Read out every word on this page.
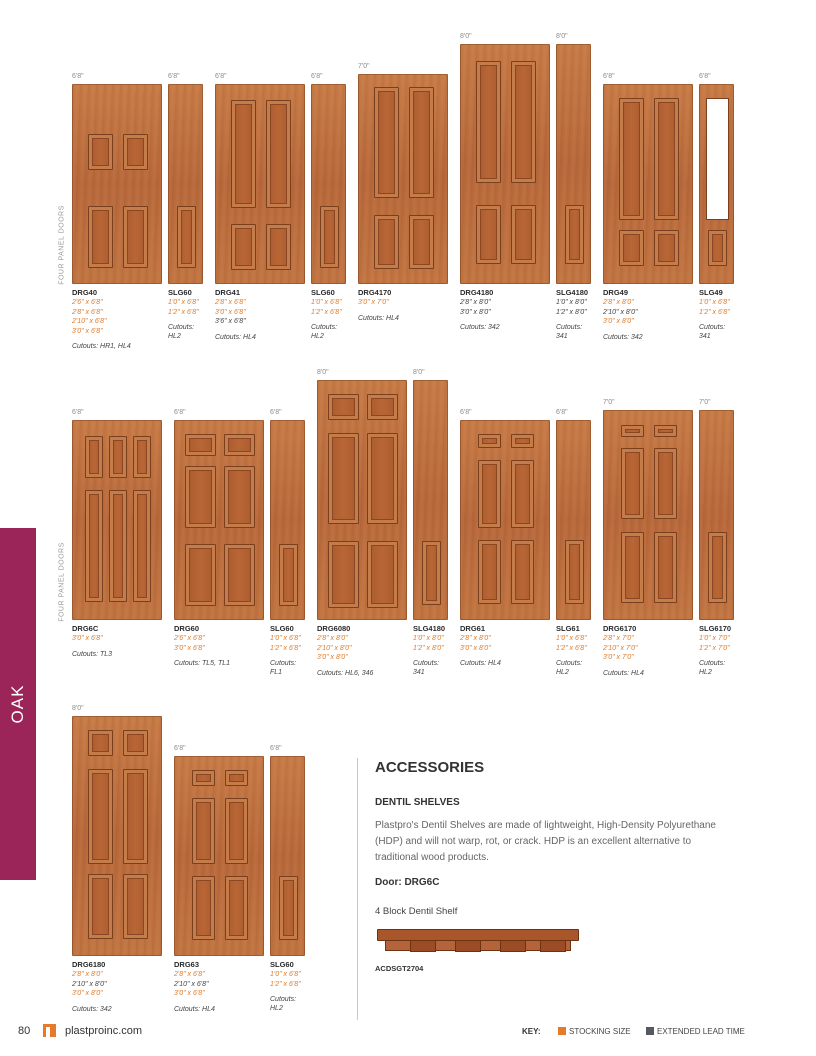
OAK
FOUR PANEL DOORS
FOUR PANEL DOORS
6'8"
DRG40
2'6" x 6'8"
2'8" x 6'8"
2'10" x 6'8"
3'0" x 6'8"
Cutouts: HR1, HL4
6'8"
SLG60
1'0" x 6'8"
1'2" x 6'8"
Cutouts:
HL2
6'8"
DRG41
2'8" x 6'8"
3'0" x 6'8"
3'6" x 6'8"
Cutouts: HL4
6'8"
SLG60
1'0" x 6'8"
1'2" x 6'8"
Cutouts:
HL2
7'0"
DRG4170
3'0" x 7'0"
Cutouts: HL4
8'0"
DRG4180
2'8" x 8'0"
3'0" x 8'0"
Cutouts: 342
8'0"
SLG4180
1'0" x 8'0"
1'2" x 8'0"
Cutouts:
341
6'8"
DRG49
2'8" x 8'0"
2'10" x 8'0"
3'0" x 8'0"
Cutouts: 342
6'8"
SLG49
1'0" x 6'8"
1'2" x 6'8"
Cutouts:
341
6'8"
DRG6C
3'0" x 6'8"
Cutouts: TL3
6'8"
DRG60
2'6" x 6'8"
3'0" x 6'8"
Cutouts: TL5, TL1
6'8"
SLG60
1'0" x 6'8"
1'2" x 6'8"
Cutouts:
FL1
8'0"
DRG6080
2'8" x 8'0"
2'10" x 8'0"
3'0" x 8'0"
Cutouts: HL6, 346
8'0"
SLG4180
1'0" x 8'0"
1'2" x 8'0"
Cutouts:
341
6'8"
DRG61
2'8" x 8'0"
3'0" x 8'0"
Cutouts: HL4
6'8"
SLG61
1'0" x 6'8"
1'2" x 6'8"
Cutouts:
HL2
7'0"
DRG6170
2'8" x 7'0"
2'10" x 7'0"
3'0" x 7'0"
Cutouts: HL4
7'0"
SLG6170
1'0" x 7'0"
1'2" x 7'0"
Cutouts:
HL2
8'0"
DRG6180
2'8" x 8'0"
2'10" x 8'0"
3'0" x 8'0"
Cutouts: 342
6'8"
DRG63
2'8" x 6'8"
2'10" x 6'8"
3'0" x 6'8"
Cutouts: HL4
6'8"
SLG60
1'0" x 6'8"
1'2" x 6'8"
Cutouts:
HL2
ACCESSORIES
DENTIL SHELVES
Plastpro's Dentil Shelves are made of lightweight, High-Density Polyurethane (HDP) and will not warp, rot, or crack. HDP is an excellent alternative to traditional wood products.
Door: DRG6C
4 Block Dentil Shelf
ACDSGT2704
80	plastproinc.com	KEY:	STOCKING SIZE	EXTENDED LEAD TIME
